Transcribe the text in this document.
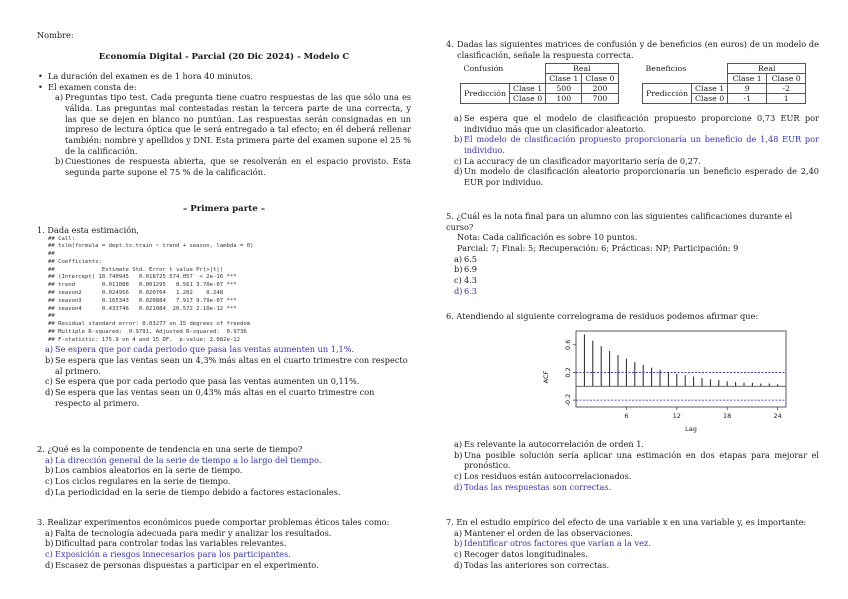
Nombre:
Economía Digital - Parcial (20 Dic 2024) - Modelo C
• La duración del examen es de 1 hora 40 minutos.
• El examen consta de:
a) Preguntas tipo test. Cada pregunta tiene cuatro respuestas de las que sólo una es válida. Las preguntas mal contestadas restan la tercera parte de una correcta, y las que se dejen en blanco no puntúan. Las respuestas serán consignadas en un impreso de lectura óptica que le será entregado a tal efecto; en él deberá rellenar también: nombre y apellidos y DNI. Esta primera parte del examen supone el 25 % de la calificación.
b) Cuestiones de respuesta abierta, que se resolverán en el espacio provisto. Esta segunda parte supone el 75 % de la calificación.
– Primera parte –
1. Dada esta estimación,
## Call:
## tslm(formula = dept.ts.train ~ trend + season, lambda = 0)
##
## Coefficients:
##              Estimate Std. Error t value Pr(>|t|)
## (Intercept) 10.740945   0.018725 574.057  < 2e-16 ***
## trend        0.011088   0.001295   8.561 3.70e-07 ***
## season2      0.024956   0.020764   1.202    0.248
## season3      0.165343   0.020884   7.917 9.79e-07 ***
## season4      0.433746   0.021084  20.572 2.10e-12 ***
##
## Residual standard error: 0.03277 on 15 degrees of freedom
## Multiple R-squared:  0.9791, Adjusted R-squared:  0.9736
## F-statistic: 175.9 on 4 and 15 DF,  p-value: 2.082e-12
a) Se espera que por cada periodo que pasa las ventas aumenten un 1,1%.
b) Se espera que las ventas sean un 4,3% más altas en el cuarto trimestre con respecto al primero.
c) Se espera que por cada periodo que pasa las ventas aumenten un 0,11%.
d) Se espera que las ventas sean un 0,43% más altas en el cuarto trimestre con respecto al primero.
2. ¿Qué es la componente de tendencia en una serie de tiempo?
a) La dirección general de la serie de tiempo a lo largo del tiempo.
b) Los cambios aleatorios en la serie de tiempo.
c) Los ciclos regulares en la serie de tiempo.
d) La periodicidad en la serie de tiempo debido a factores estacionales.
3. Realizar experimentos económicos puede comportar problemas éticos tales como:
a) Falta de tecnología adecuada para medir y analizar los resultados.
b) Dificultad para controlar todas las variables relevantes.
c) Exposición a riesgos innecesarios para los participantes.
d) Escasez de personas dispuestas a participar en el experimento.
4. Dadas las siguientes matrices de confusión y de beneficios (en euros) de un modelo de clasificación, señale la respuesta correcta.
Confusión		Real	
		Clase 1	Clase 0
Predicción	Clase 1	500	200
	Clase 0	100	700
Beneficios		Real	
		Clase 1	Clase 0
Predicción	Clase 1	9	-2
	Clase 0	-1	1
a) Se espera que el modelo de clasificación propuesto proporcione 0,73 EUR por individuo más que un clasificador aleatorio.
b) El modelo de clasificación propuesto proporcionaría un beneficio de 1,48 EUR por individuo.
c) La accuracy de un clasificador mayoritario sería de 0,27.
d) Un modelo de clasificación aleatorio proporcionaría un beneficio esperado de 2,40 EUR por individuo.
5. ¿Cuál es la nota final para un alumno con las siguientes calificaciones durante el curso?
Nota: Cada calificación es sobre 10 puntos.
Parcial: 7; Final: 5; Recuperación: 6; Prácticas: NP; Participación: 9
a) 6.5
b) 6.9
c) 4.3
d) 6.3
6. Atendiendo al siguiente correlograma de residuos podemos afirmar que:
6	12	18	24
-0.2
0.2
0.6
ACF
Lag
a) Es relevante la autocorrelación de orden 1.
b) Una posible solución sería aplicar una estimación en dos etapas para mejorar el pronóstico.
c) Los residuos están autocorrelacionados.
d) Todas las respuestas son correctas.
7. En el estudio empírico del efecto de una variable x en una variable y, es importante:
a) Mantener el orden de las observaciones.
b) Identificar otros factores que varían a la vez.
c) Recoger datos longitudinales.
d) Todas las anteriores son correctas.
